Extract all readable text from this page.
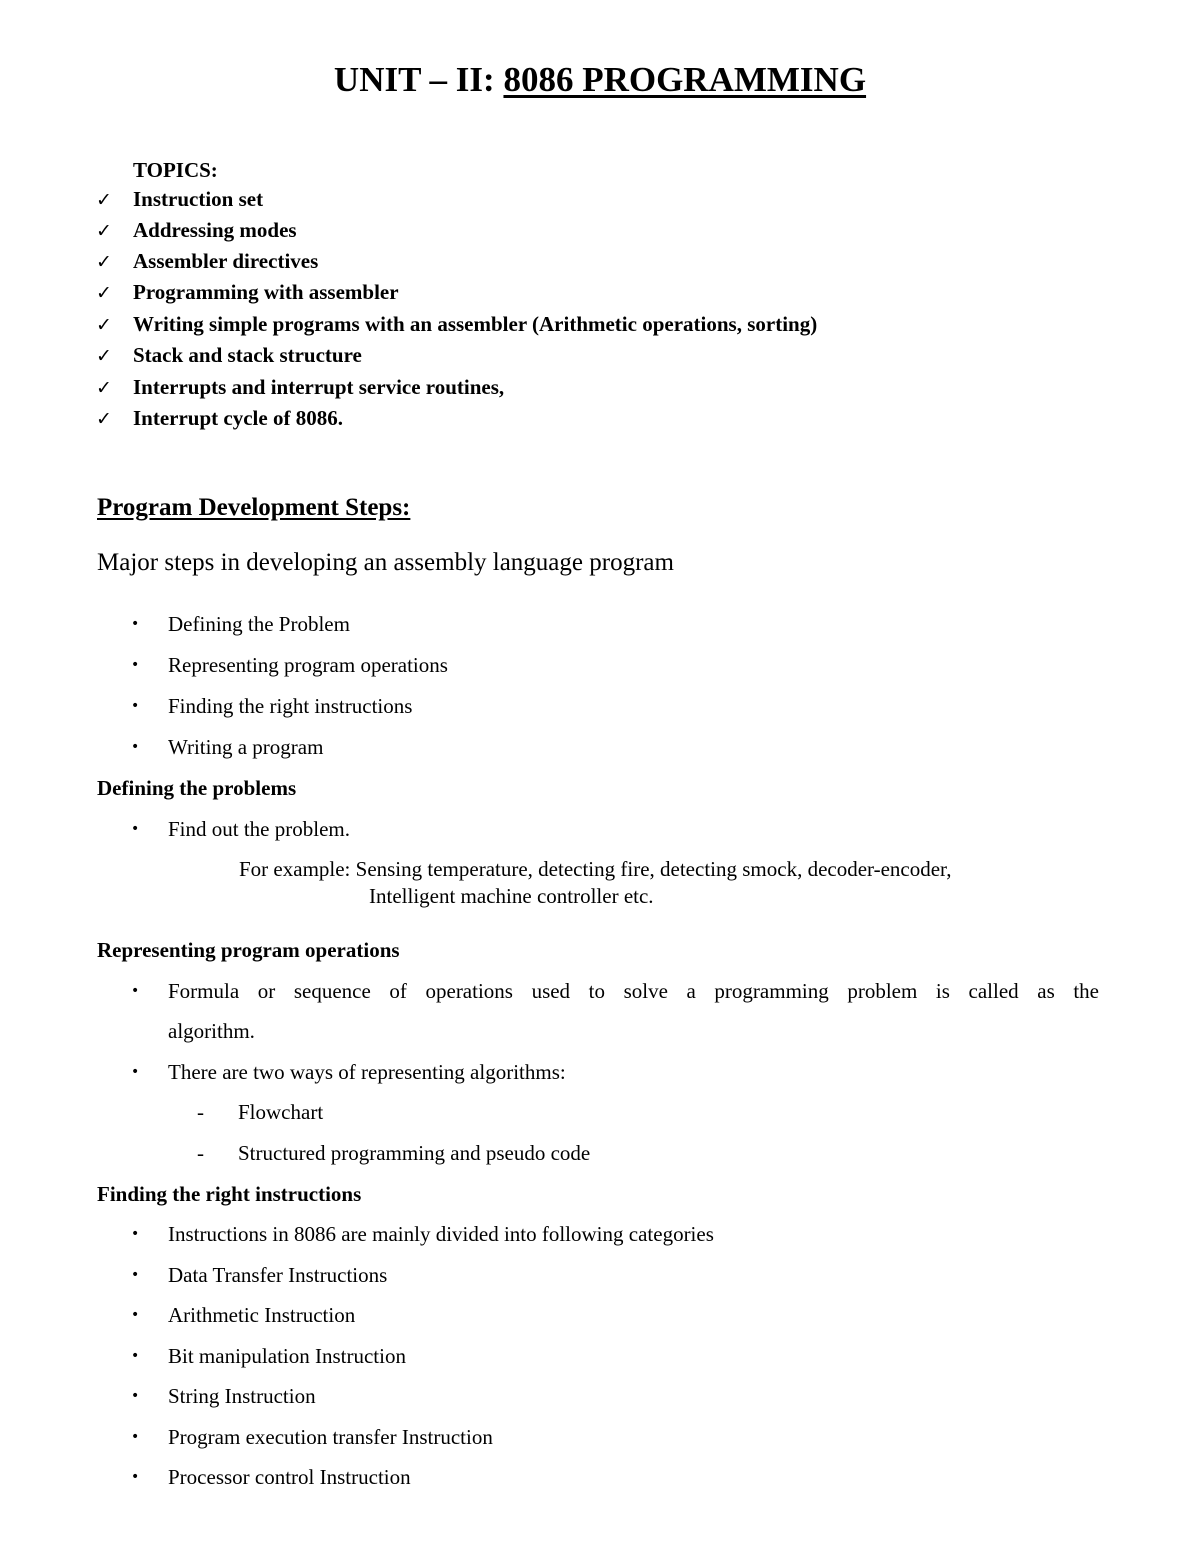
UNIT – II: 8086 PROGRAMMING
TOPICS:
✓ Instruction set
✓ Addressing modes
✓ Assembler directives
✓ Programming with assembler
✓ Writing simple programs with an assembler (Arithmetic operations, sorting)
✓ Stack and stack structure
✓ Interrupts and interrupt service routines,
✓ Interrupt cycle of 8086.
Program Development Steps:
Major steps in developing an assembly language program
• Defining the Problem
• Representing program operations
• Finding the right instructions
• Writing a program
Defining the problems
• Find out the problem.
For example: Sensing temperature, detecting fire, detecting smock, decoder-encoder,
Intelligent machine controller etc.
Representing program operations
•	Formula or sequence of operations used to solve a programming problem is called as the
algorithm.
• There are two ways of representing algorithms:
- Flowchart
- Structured programming and pseudo code
Finding the right instructions
• Instructions in 8086 are mainly divided into following categories
• Data Transfer Instructions
• Arithmetic Instruction
• Bit manipulation Instruction
• String Instruction
• Program execution transfer Instruction
• Processor control Instruction
